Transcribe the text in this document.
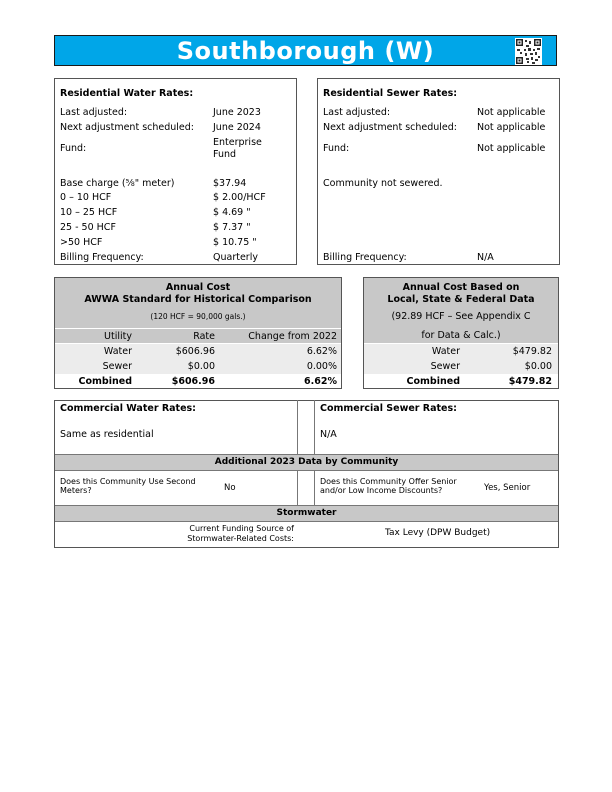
Southborough (W)
Residential Water Rates:
Last adjusted:	June 2023
Next adjustment scheduled: June 2024
Fund:
Enterprise
Fund
Base charge (⅝" meter)	$37.94
0 – 10 HCF	$ 2.00/HCF
10 – 25 HCF	$ 4.69 "
25 - 50 HCF	$ 7.37 "
>50 HCF	$ 10.75 "
Billing Frequency:	Quarterly
Residential Sewer Rates:
Last adjusted:	Not applicable
Next adjustment scheduled: Not applicable
Fund:	Not applicable
Community not sewered.
Billing Frequency:	N/A
Annual Cost
AWWA Standard for Historical Comparison
(120 HCF = 90,000 gals.)
Utility	Rate	Change from 2022
Water	$606.96	6.62%
Sewer	$0.00	0.00%
Combined	$606.96	6.62%
Annual Cost Based on
Local, State & Federal Data
(92.89 HCF – See Appendix C
for Data & Calc.)
Water	$479.82
Sewer	$0.00
Combined	$479.82
Commercial Water Rates:
Same as residential
Commercial Sewer Rates:
N/A
Additional 2023 Data by Community
Does this Community Use Second
Meters?	No
Does this Community Offer Senior
and/or Low Income Discounts?	Yes, Senior
Stormwater
Current Funding Source of
Stormwater-Related Costs:
Tax Levy (DPW Budget)
